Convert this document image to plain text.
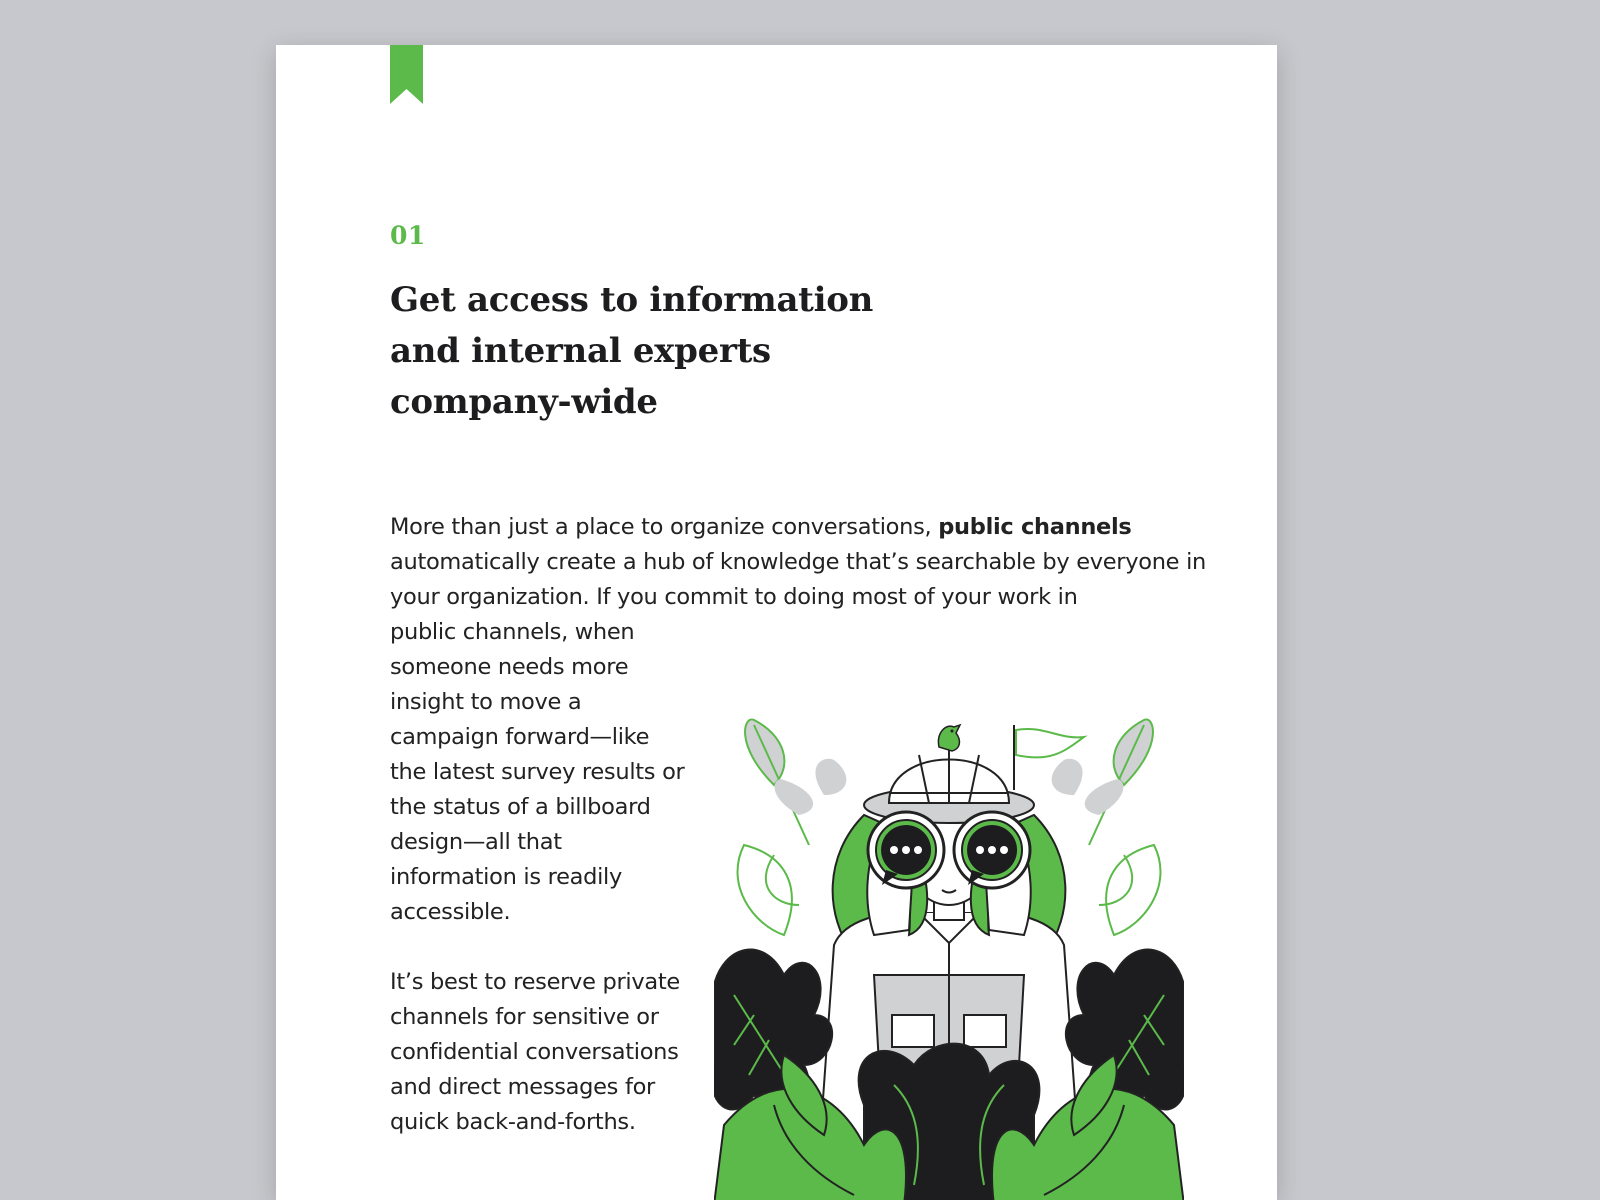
01
Get access to information and internal experts company-wide

More than just a place to organize conversations, public channels
automatically create a hub of knowledge that’s searchable by everyone in your organization. If you commit to doing most of your work in

public channels, when someone needs more insight to move a campaign forward—like the latest survey results or the status of a billboard design—all that information is readily accessible.

It’s best to reserve private channels for sensitive or confidential conversations and direct messages for quick back-and-forths.
